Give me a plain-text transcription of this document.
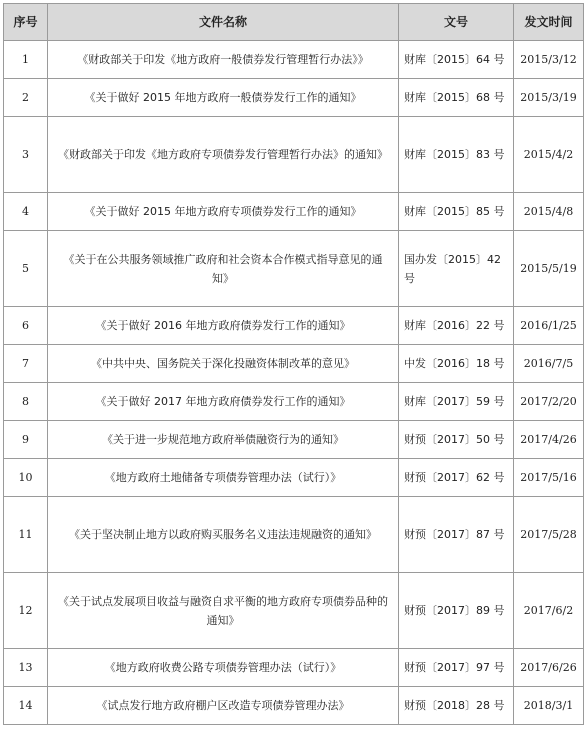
序号	文件名称	文号	发文时间
1	《财政部关于印发《地方政府一般债券发行管理暂行办法》》	财库〔2015〕64 号	2015/3/12
2	《关于做好 2015 年地方政府一般债券发行工作的通知》	财库〔2015〕68 号	2015/3/19
3	《财政部关于印发《地方政府专项债券发行管理暂行办法》的通知》	财库〔2015〕83 号	2015/4/2
4	《关于做好 2015 年地方政府专项债券发行工作的通知》	财库〔2015〕85 号	2015/4/8
5	《关于在公共服务领域推广政府和社会资本合作模式指导意见的通知》	国办发〔2015〕42 号	2015/5/19
6	《关于做好 2016 年地方政府债券发行工作的通知》	财库〔2016〕22 号	2016/1/25
7	《中共中央、国务院关于深化投融资体制改革的意见》	中发〔2016〕18 号	2016/7/5
8	《关于做好 2017 年地方政府债券发行工作的通知》	财库〔2017〕59 号	2017/2/20
9	《关于进一步规范地方政府举债融资行为的通知》	财预〔2017〕50 号	2017/4/26
10	《地方政府土地储备专项债券管理办法（试行）》	财预〔2017〕62 号	2017/5/16
11	《关于坚决制止地方以政府购买服务名义违法违规融资的通知》	财预〔2017〕87 号	2017/5/28
12	《关于试点发展项目收益与融资自求平衡的地方政府专项债券品种的通知》	财预〔2017〕89 号	2017/6/2
13	《地方政府收费公路专项债券管理办法（试行）》	财预〔2017〕97 号	2017/6/26
14	《试点发行地方政府棚户区改造专项债券管理办法》	财预〔2018〕28 号	2018/3/1
